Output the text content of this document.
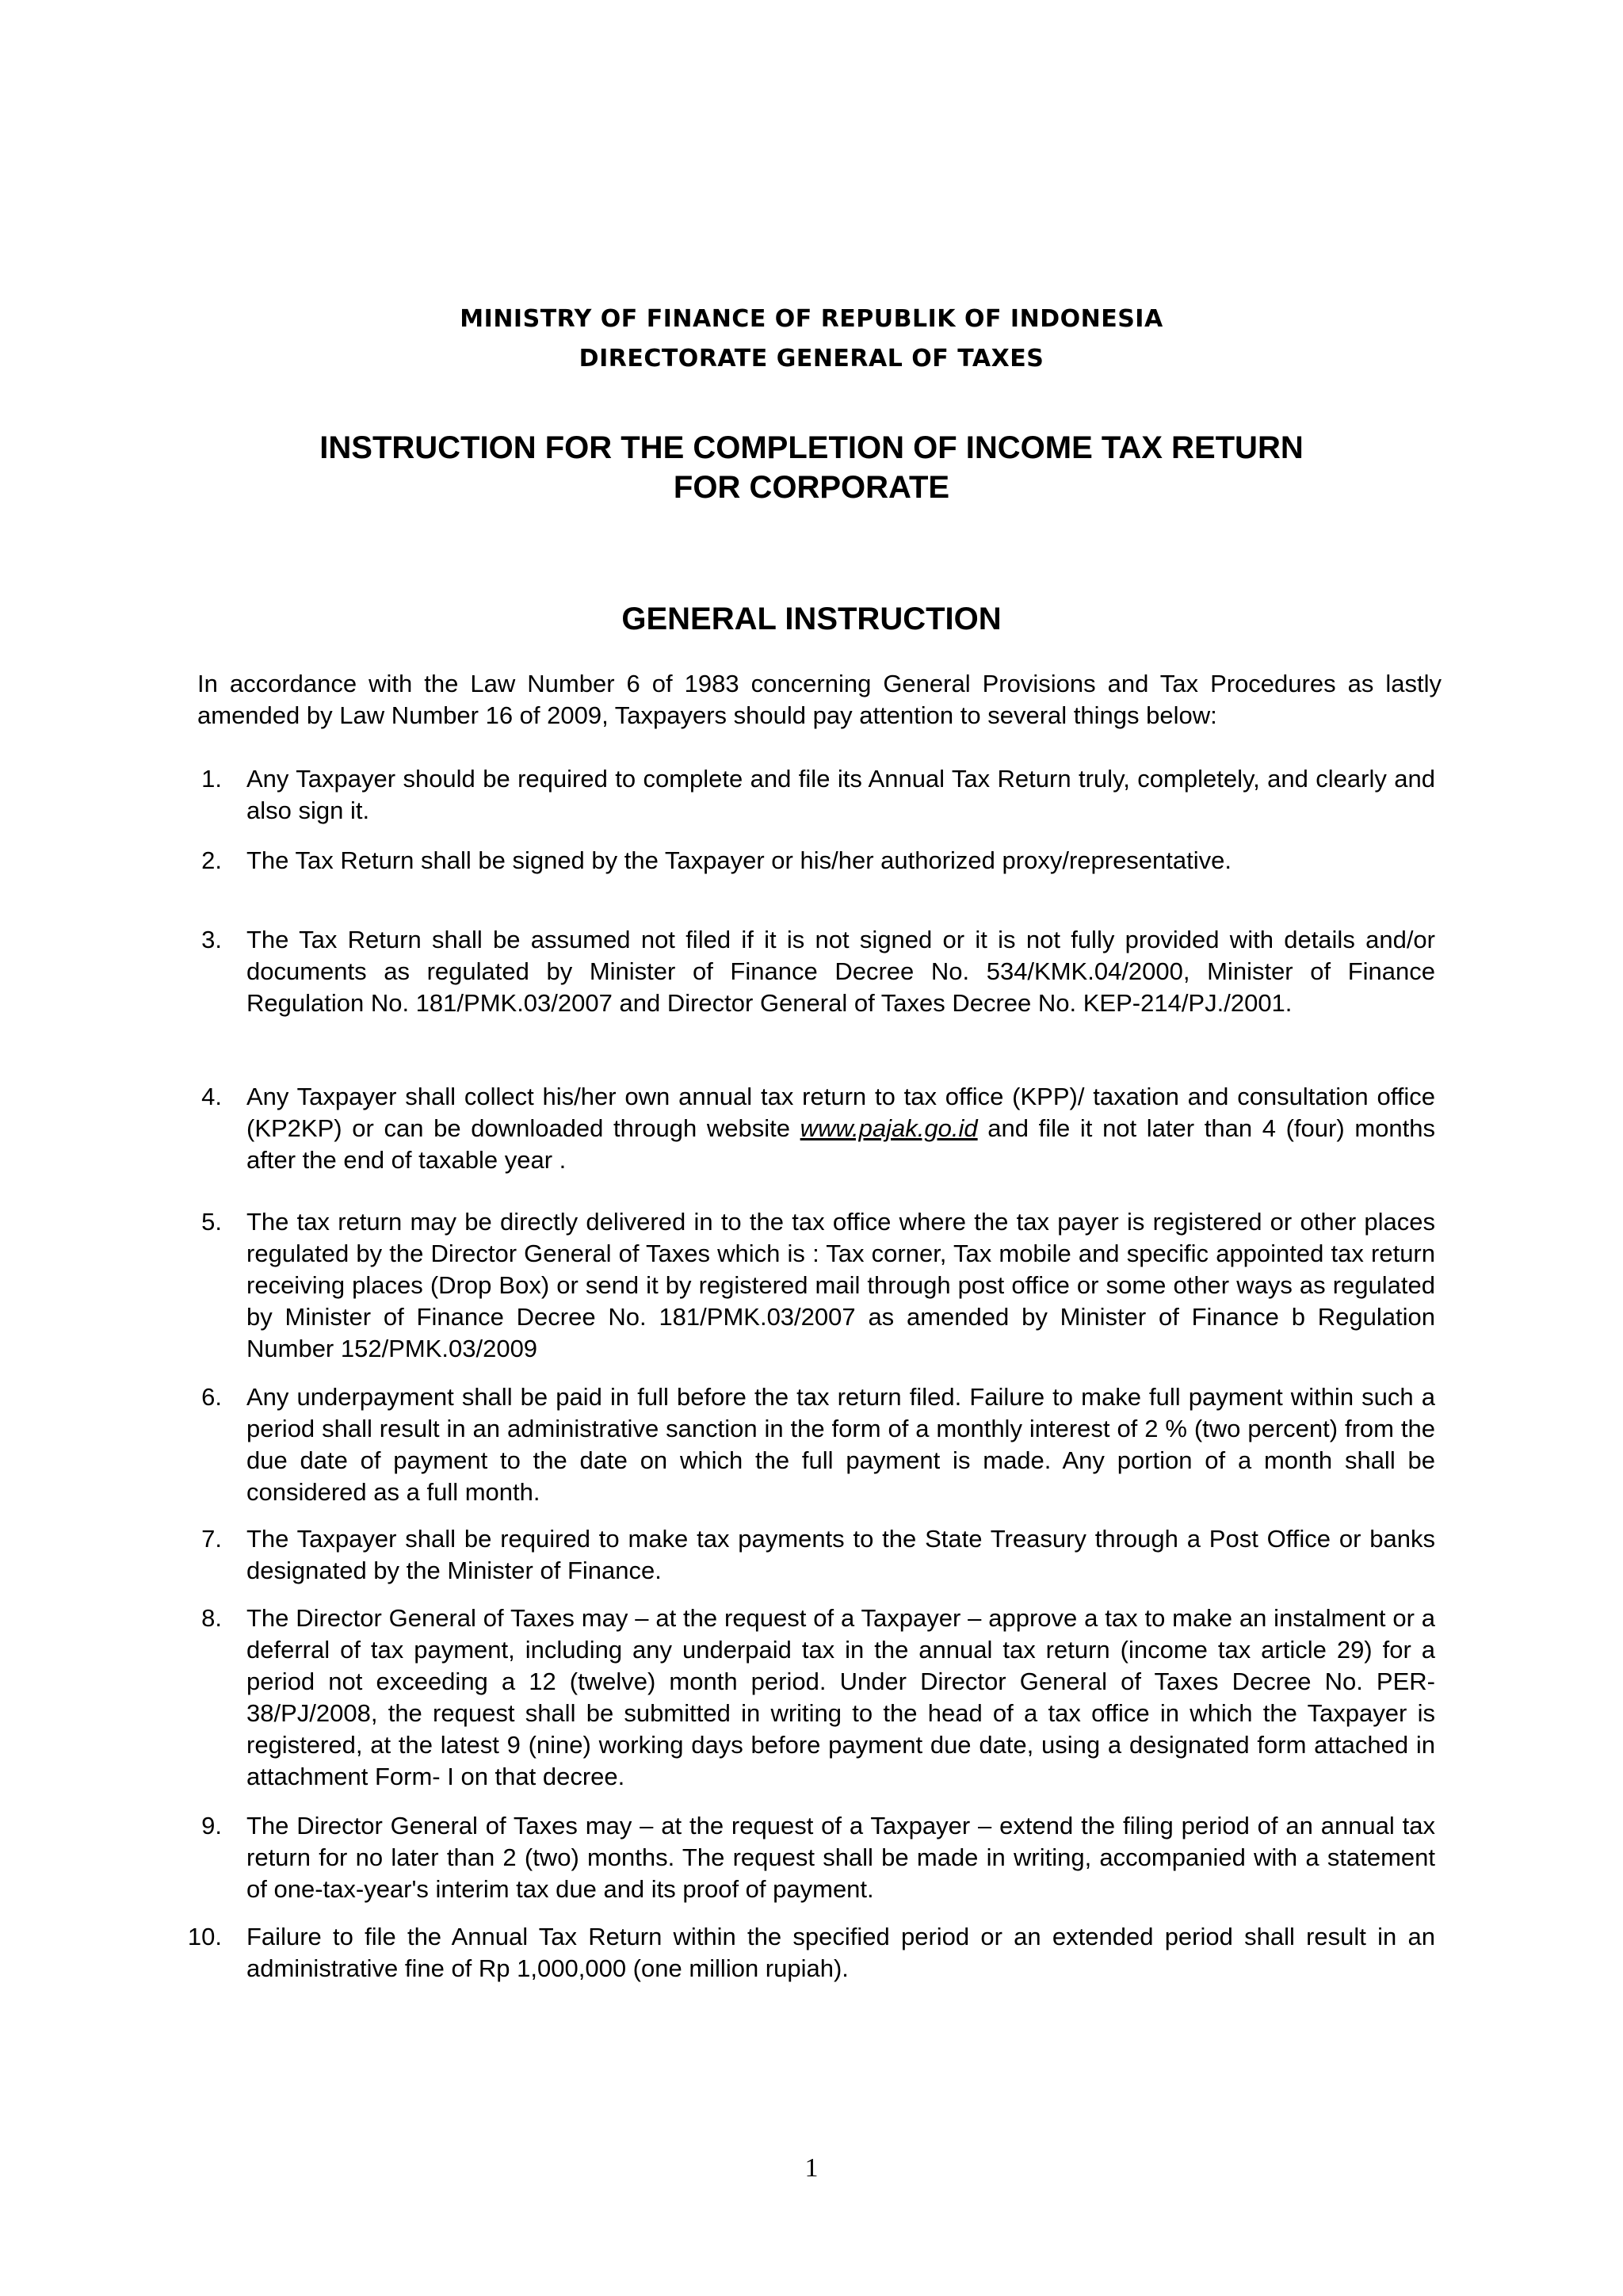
MINISTRY OF FINANCE OF REPUBLIK OF INDONESIA
DIRECTORATE GENERAL OF TAXES
INSTRUCTION FOR THE COMPLETION OF INCOME TAX RETURN
FOR CORPORATE
GENERAL INSTRUCTION
In accordance with the Law Number 6 of 1983 concerning General Provisions and Tax Procedures as lastly amended by Law Number 16 of 2009, Taxpayers should pay attention to several things below:
1. Any Taxpayer should be required to complete and file its Annual Tax Return truly, completely, and clearly and also sign it.
2. The Tax Return shall be signed by the Taxpayer or his/her authorized proxy/representative.
3. The Tax Return shall be assumed not filed if it is not signed or it is not fully provided with details and/or documents as regulated by Minister of Finance Decree No. 534/KMK.04/2000, Minister of Finance Regulation No. 181/PMK.03/2007 and Director General of Taxes Decree No. KEP-214/PJ./2001.
4. Any Taxpayer shall collect his/her own annual tax return to tax office (KPP)/ taxation and consultation office (KP2KP) or can be downloaded through website www.pajak.go.id and file it not later than 4 (four) months after the end of taxable year .
5. The tax return may be directly delivered in to the tax office where the tax payer is registered or other places regulated by the Director General of Taxes which is : Tax corner, Tax mobile and specific appointed tax return receiving places (Drop Box) or send it by registered mail through post office or some other ways as regulated by Minister of Finance Decree No. 181/PMK.03/2007 as amended by Minister of Finance b Regulation Number 152/PMK.03/2009
6. Any underpayment shall be paid in full before the tax return filed. Failure to make full payment within such a period shall result in an administrative sanction in the form of a monthly interest of 2 % (two percent) from the due date of payment to the date on which the full payment is made. Any portion of a month shall be considered as a full month.
7. The Taxpayer shall be required to make tax payments to the State Treasury through a Post Office or banks designated by the Minister of Finance.
8. The Director General of Taxes may – at the request of a Taxpayer – approve a tax to make an instalment or a deferral of tax payment, including any underpaid tax in the annual tax return (income tax article 29) for a period not exceeding a 12 (twelve) month period. Under Director General of Taxes Decree No. PER-38/PJ/2008, the request shall be submitted in writing to the head of a tax office in which the Taxpayer is registered, at the latest 9 (nine) working days before payment due date, using a designated form attached in attachment Form- I on that decree.
9. The Director General of Taxes may – at the request of a Taxpayer – extend the filing period of an annual tax return for no later than 2 (two) months. The request shall be made in writing, accompanied with a statement of one-tax-year's interim tax due and its proof of payment.
10. Failure to file the Annual Tax Return within the specified period or an extended period shall result in an administrative fine of Rp 1,000,000 (one million rupiah).
1
